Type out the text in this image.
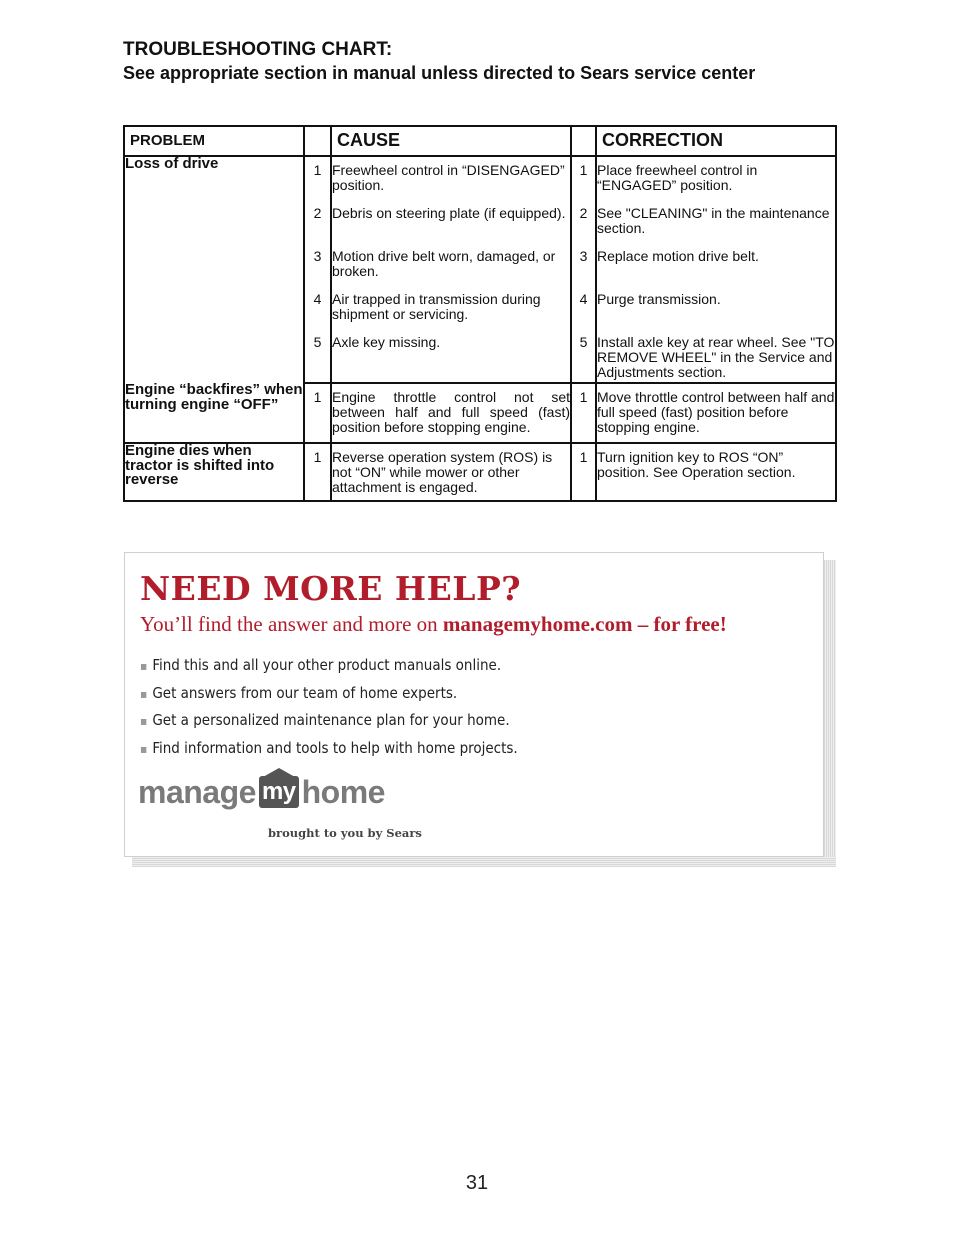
TROUBLESHOOTING CHART:
See appropriate section in manual unless directed to Sears service center
PROBLEM		CAUSE		CORRECTION
Loss of drive	1	Freewheel control in “DISENGAGED” position.	1	Place freewheel control in “ENGAGED” position.

	2	Debris on steering plate (if equipped).	2	See "CLEANING" in the maintenance section.

	3	Motion drive belt worn, damaged, or broken.	3	Replace motion drive belt.

	4	Air trapped in transmission during shipment or servicing.	4	Purge transmission.

	5	Axle key missing.	5	Install axle key at rear wheel. See "TO REMOVE WHEEL" in the Service and Adjustments section.

Engine “backfires” when turning engine “OFF”	1	Engine throttle control not set between half and full speed (fast) position before stopping engine.	1	Move throttle control between half and full speed (fast) position before stopping engine.

Engine dies when tractor is shifted into reverse	1	Reverse operation system (ROS) is not “ON” while mower or other attachment is engaged.	1	Turn ignition key to ROS “ON” position. See Operation section.
NEED MORE HELP?
You’ll find the answer and more on managemyhome.com – for free!
▪ Find this and all your other product manuals online.
▪ Get answers from our team of home experts.
▪ Get a personalized maintenance plan for your home.
▪ Find information and tools to help with home projects.
manage my home
brought to you by Sears
31
